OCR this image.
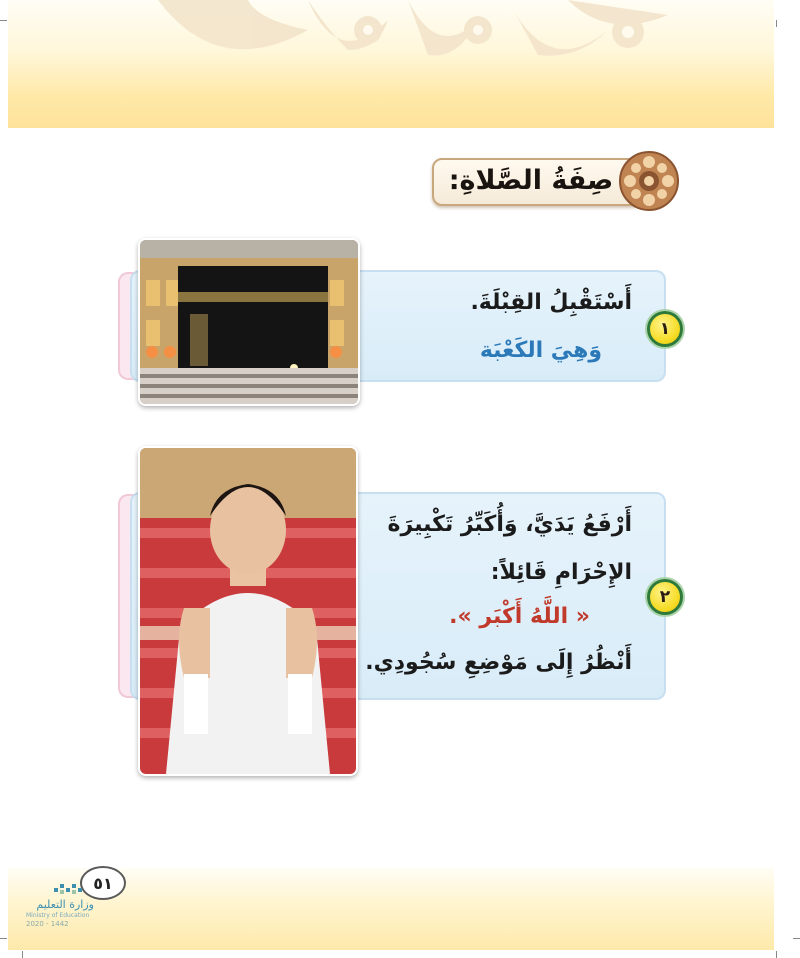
صِفَةُ الصَّلاةِ:
أَسْتَقْبِلُ القِبْلَةَ.
وَهِيَ الكَعْبَة
١
أَرْفَعُ يَدَيَّ، وَأُكَبِّرُ تَكْبِيرَةَ
الإِحْرَامِ قَائِلاً:
« اللَّهُ أَكْبَر ».
أَنْظُرُ إِلَى مَوْضِعِ سُجُودِي.
٢
٥١
وزارة التعليم
Ministry of Education
2020 - 1442
